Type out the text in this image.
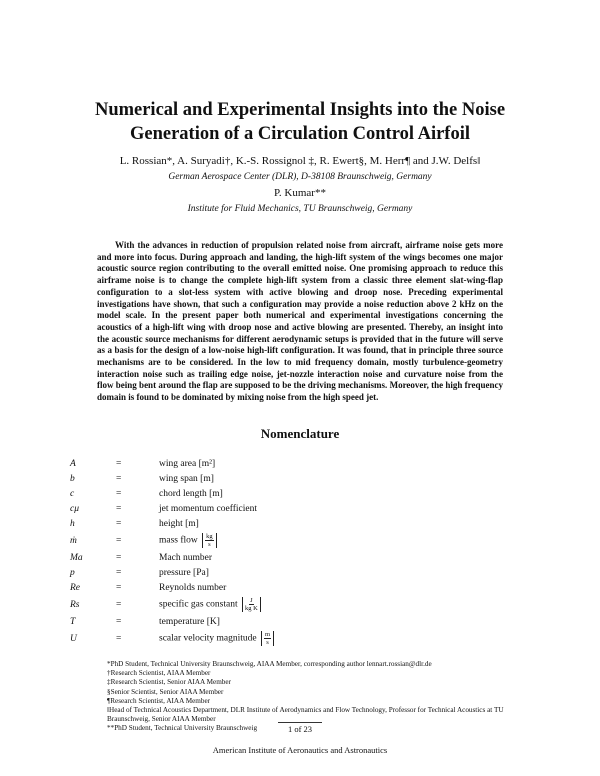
Numerical and Experimental Insights into the Noise
Generation of a Circulation Control Airfoil
L. Rossian*, A. Suryadi†, K.-S. Rossignol ‡, R. Ewert§, M. Herr¶ and J.W. Delfs‖
German Aerospace Center (DLR), D-38108 Braunschweig, Germany
P. Kumar**
Institute for Fluid Mechanics, TU Braunschweig, Germany
With the advances in reduction of propulsion related noise from aircraft, airframe noise gets more and more into focus. During approach and landing, the high-lift system of the wings becomes one major acoustic source region contributing to the overall emitted noise. One promising approach to reduce this airframe noise is to change the complete high-lift system from a classic three element slat-wing-flap configuration to a slot-less system with active blowing and droop nose. Preceding experimental investigations have shown, that such a configuration may provide a noise reduction above 2 kHz on the model scale. In the present paper both numerical and experimental investigations concerning the acoustics of a high-lift wing with droop nose and active blowing are presented. Thereby, an insight into the acoustic source mechanisms for different aerodynamic setups is provided that in the future will serve as a basis for the design of a low-noise high-lift configuration. It was found, that in principle three source mechanisms are to be considered. In the low to mid frequency domain, mostly turbulence-geometry interaction noise such as trailing edge noise, jet-nozzle interaction noise and curvature noise from the flow being bent around the flap are supposed to be the driving mechanisms. Moreover, the high frequency domain is found to be dominated by mixing noise from the high speed jet.
Nomenclature
A	=	wing area [m²]
b	=	wing span [m]
c	=	chord length [m]
cμ	=	jet momentum coefficient
h	=	height [m]
ṁ	=	mass flow $\frac{kg}{s}$
Ma	=	Mach number
p	=	pressure [Pa]
Re	=	Reynolds number
Rs	=	specific gas constant $\frac{J}{\text{kg K}}$
T	=	temperature [K]
U	=	scalar velocity magnitude $\frac{m}{s}$
*PhD Student, Technical University Braunschweig, AIAA Member, corresponding author lennart.rossian@dlr.de
†Research Scientist, AIAA Member
‡Research Scientist, Senior AIAA Member
§Senior Scientist, Senior AIAA Member
¶Research Scientist, AIAA Member
‖Head of Technical Acoustics Department, DLR Institute of Aerodynamics and Flow Technology, Professor for Technical Acoustics at TU Braunschweig, Senior AIAA Member
**PhD Student, Technical University Braunschweig	1 of 23
American Institute of Aeronautics and Astronautics
